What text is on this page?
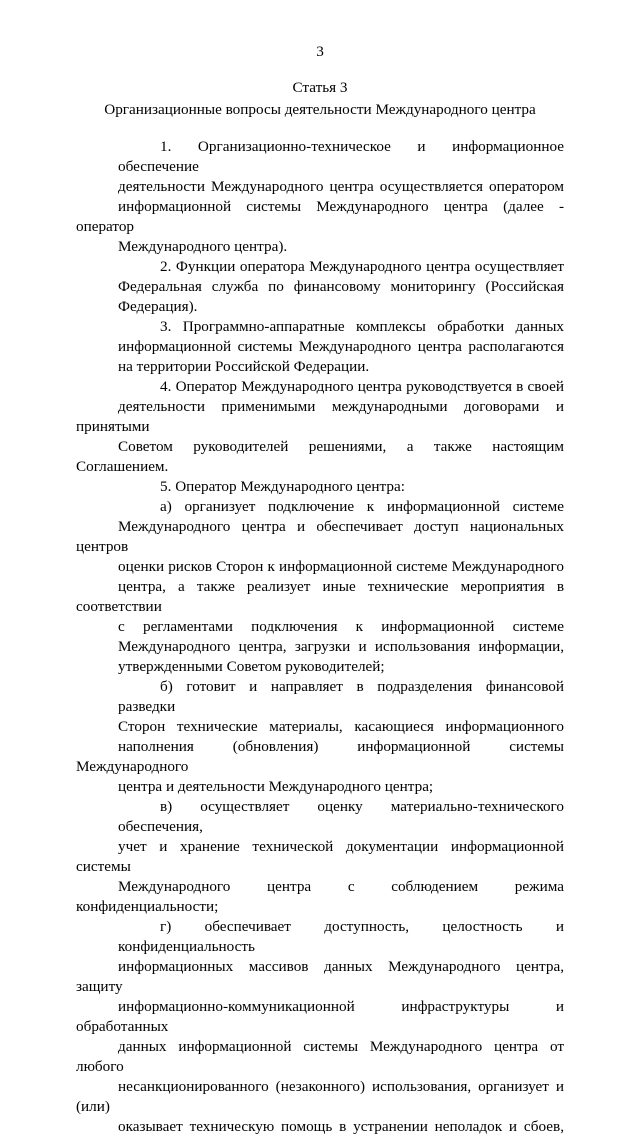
3
Статья 3
Организационные вопросы деятельности Международного центра
1. Организационно-техническое и информационное обеспечение
деятельности Международного центра осуществляется оператором
информационной системы Международного центра (далее - оператор
Международного центра).
2. Функции оператора Международного центра осуществляет
Федеральная служба по финансовому мониторингу (Российская
Федерация).
3. Программно-аппаратные комплексы обработки данных
информационной системы Международного центра располагаются
на территории Российской Федерации.
4. Оператор Международного центра руководствуется в своей
деятельности применимыми международными договорами и принятыми
Советом руководителей решениями, а также настоящим Соглашением.
5. Оператор Международного центра:
а) организует подключение к информационной системе
Международного центра и обеспечивает доступ национальных центров
оценки рисков Сторон к информационной системе Международного
центра, а также реализует иные технические мероприятия в соответствии
с регламентами подключения к информационной системе
Международного центра, загрузки и использования информации,
утвержденными Советом руководителей;
б) готовит и направляет в подразделения финансовой разведки
Сторон технические материалы, касающиеся информационного
наполнения (обновления) информационной системы Международного
центра и деятельности Международного центра;
в) осуществляет оценку материально-технического обеспечения,
учет и хранение технической документации информационной системы
Международного центра с соблюдением режима конфиденциальности;
г) обеспечивает доступность, целостность и конфиденциальность
информационных массивов данных Международного центра, защиту
информационно-коммуникационной инфраструктуры и обработанных
данных информационной системы Международного центра от любого
несанкционированного (незаконного) использования, организует и (или)
оказывает техническую помощь в устранении неполадок и сбоев,
